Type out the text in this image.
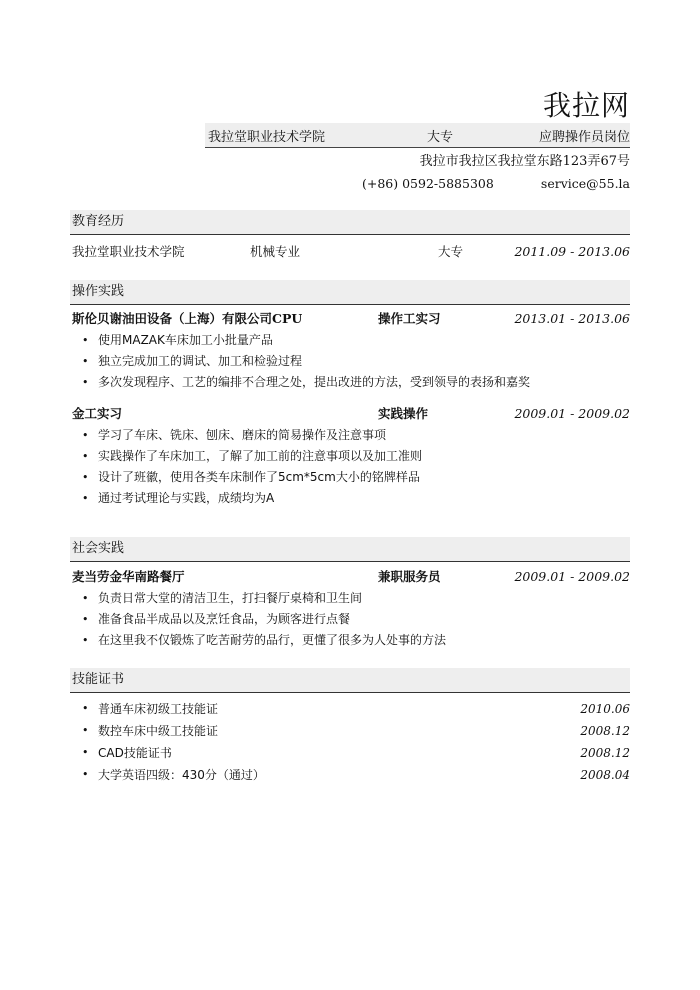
我拉网
我拉堂职业技术学院	大专	应聘操作员岗位
我拉市我拉区我拉堂东路123弄67号
(+86) 0592-5885308	service@55.la
教育经历
我拉堂职业技术学院	机械专业	大专	2011.09 - 2013.06
操作实践
斯伦贝谢油田设备（上海）有限公司CPU	操作工实习	2013.01 - 2013.06
• 使用MAZAK车床加工小批量产品
• 独立完成加工的调试、加工和检验过程
• 多次发现程序、工艺的编排不合理之处，提出改进的方法，受到领导的表扬和嘉奖
金工实习	实践操作	2009.01 - 2009.02
• 学习了车床、铣床、刨床、磨床的简易操作及注意事项
• 实践操作了车床加工，了解了加工前的注意事项以及加工准则
• 设计了班徽，使用各类车床制作了5cm*5cm大小的铭牌样品
• 通过考试理论与实践，成绩均为A
社会实践
麦当劳金华南路餐厅	兼职服务员	2009.01 - 2009.02
• 负责日常大堂的清洁卫生，打扫餐厅桌椅和卫生间
• 准备食品半成品以及烹饪食品，为顾客进行点餐
• 在这里我不仅锻炼了吃苦耐劳的品行，更懂了很多为人处事的方法
技能证书
• 普通车床初级工技能证	2010.06
• 数控车床中级工技能证	2008.12
• CAD技能证书	2008.12
• 大学英语四级：430分（通过）	2008.04
